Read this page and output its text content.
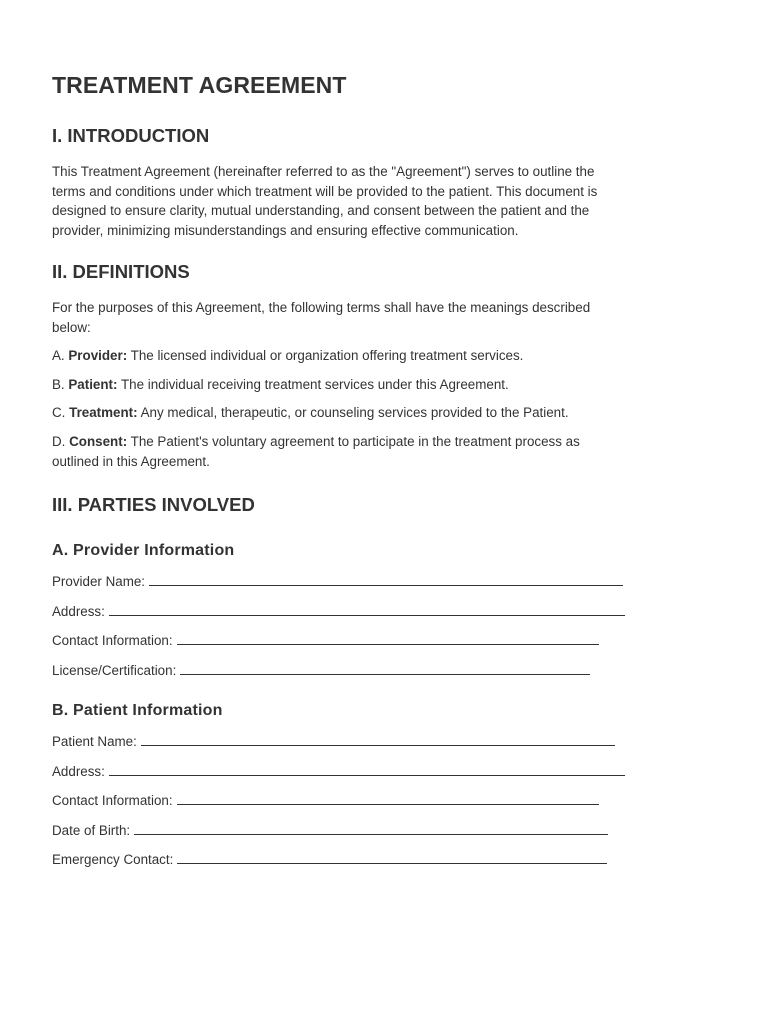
TREATMENT AGREEMENT
I. INTRODUCTION

This Treatment Agreement (hereinafter referred to as the "Agreement") serves to outline the

terms and conditions under which treatment will be provided to the patient. This document is

designed to ensure clarity, mutual understanding, and consent between the patient and the

provider, minimizing misunderstandings and ensuring effective communication.

II. DEFINITIONS

For the purposes of this Agreement, the following terms shall have the meanings described

below:

A. Provider: The licensed individual or organization offering treatment services.
B. Patient: The individual receiving treatment services under this Agreement.
C. Treatment: Any medical, therapeutic, or counseling services provided to the Patient.
D. Consent: The Patient's voluntary agreement to participate in the treatment process as
outlined in this Agreement.
III. PARTIES INVOLVED
A. Provider Information
Provider Name:
Address:
Contact Information:
License/Certification:
B. Patient Information
Patient Name:
Address:
Contact Information:
Date of Birth:
Emergency Contact:
